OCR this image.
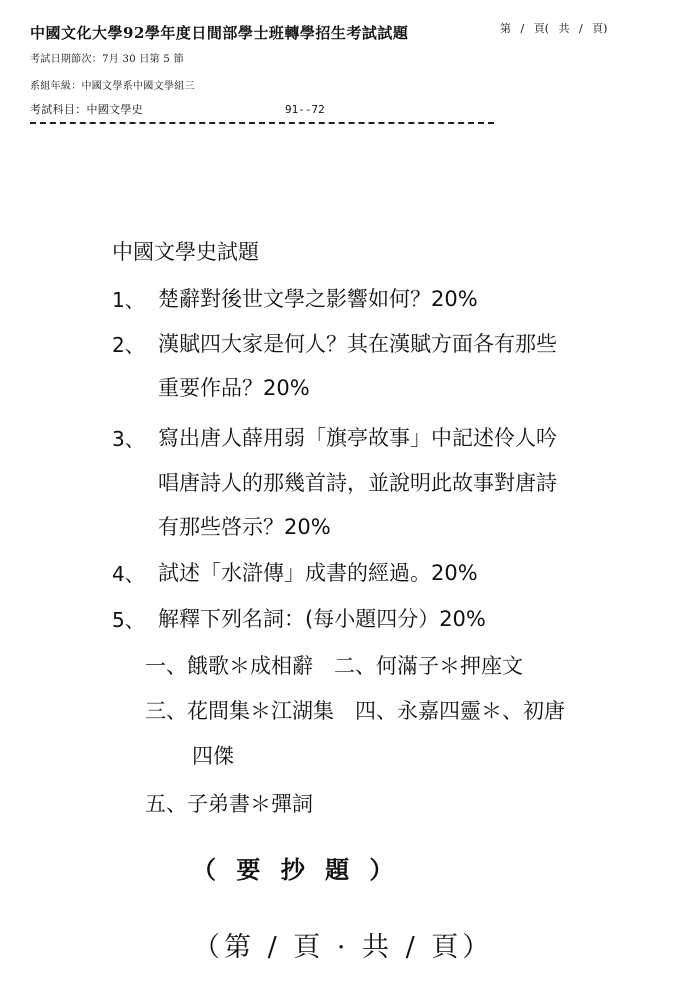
中國文化大學92學年度日間部學士班轉學招生考試試題	第 / 頁( 共 / 頁)
考試日期節次：7月 30 日第 5 節
系組年級：中國文學系中國文學組三
考試科目：中國文學史	91--72
中國文學史試題
1、 楚辭對後世文學之影響如何？20%
2、 漢賦四大家是何人？其在漢賦方面各有那些
重要作品？20%
3、 寫出唐人薛用弱「旗亭故事」中記述伶人吟
唱唐詩人的那幾首詩，並說明此故事對唐詩
有那些啓示？20%
4、 試述「水滸傳」成書的經過。20%
5、 解釋下列名詞：(每小題四分）20%
一、餓歌＊成相辭　二、何滿子＊押座文
三、花間集＊江湖集　四、永嘉四靈＊、初唐
四傑
五、子弟書＊彈詞
（ 要 抄 題 ）
（第 / 頁 · 共 / 頁）
